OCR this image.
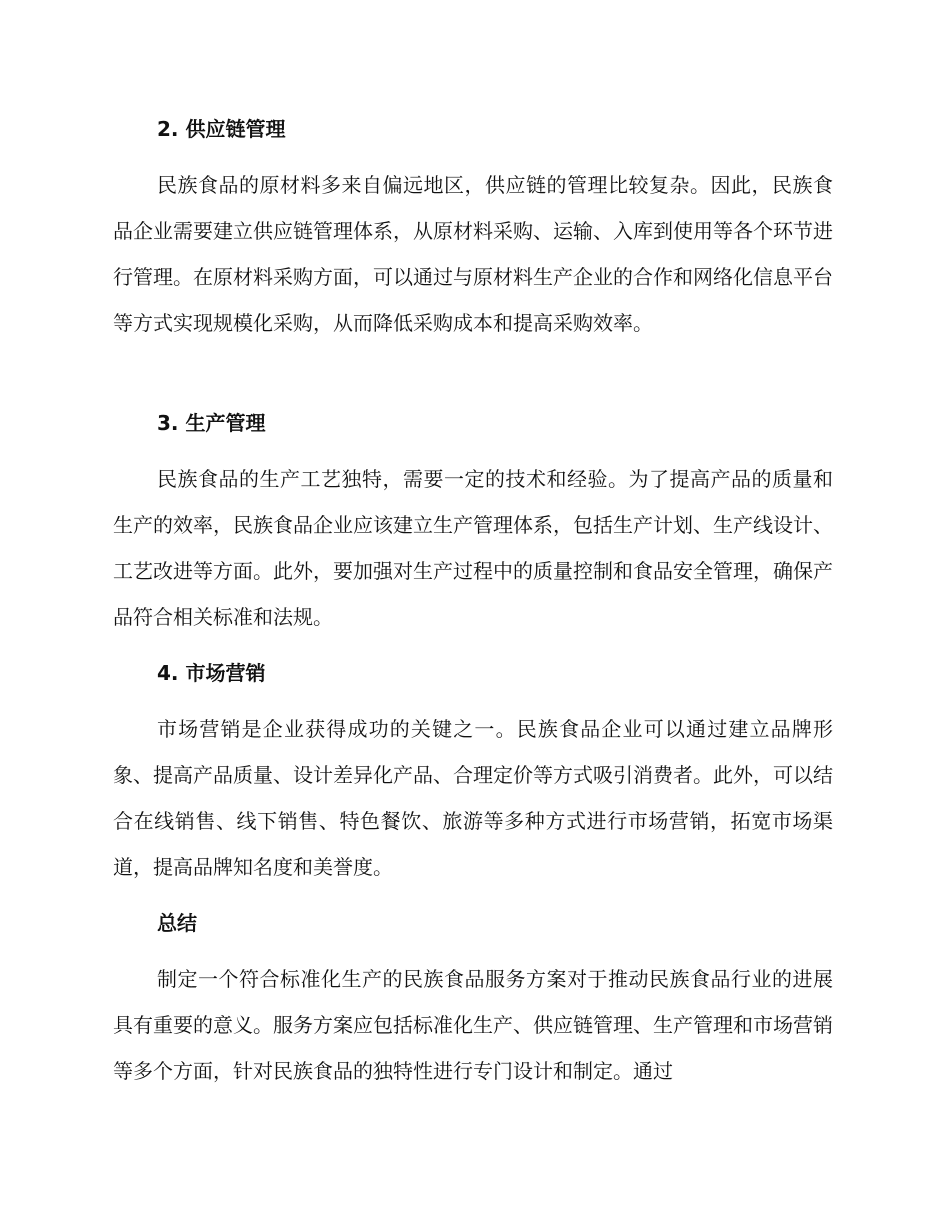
2. 供应链管理
民族食品的原材料多来自偏远地区，供应链的管理比较复杂。因此，民族食品企业需要建立供应链管理体系，从原材料采购、运输、入库到使用等各个环节进行管理。在原材料采购方面，可以通过与原材料生产企业的合作和网络化信息平台等方式实现规模化采购，从而降低采购成本和提高采购效率。
3. 生产管理
民族食品的生产工艺独特，需要一定的技术和经验。为了提高产品的质量和生产的效率，民族食品企业应该建立生产管理体系，包括生产计划、生产线设计、工艺改进等方面。此外，要加强对生产过程中的质量控制和食品安全管理，确保产品符合相关标准和法规。
4. 市场营销
市场营销是企业获得成功的关键之一。民族食品企业可以通过建立品牌形象、提高产品质量、设计差异化产品、合理定价等方式吸引消费者。此外，可以结合在线销售、线下销售、特色餐饮、旅游等多种方式进行市场营销，拓宽市场渠道，提高品牌知名度和美誉度。
总结
制定一个符合标准化生产的民族食品服务方案对于推动民族食品行业的进展具有重要的意义。服务方案应包括标准化生产、供应链管理、生产管理和市场营销等多个方面，针对民族食品的独特性进行专门设计和制定。通过
